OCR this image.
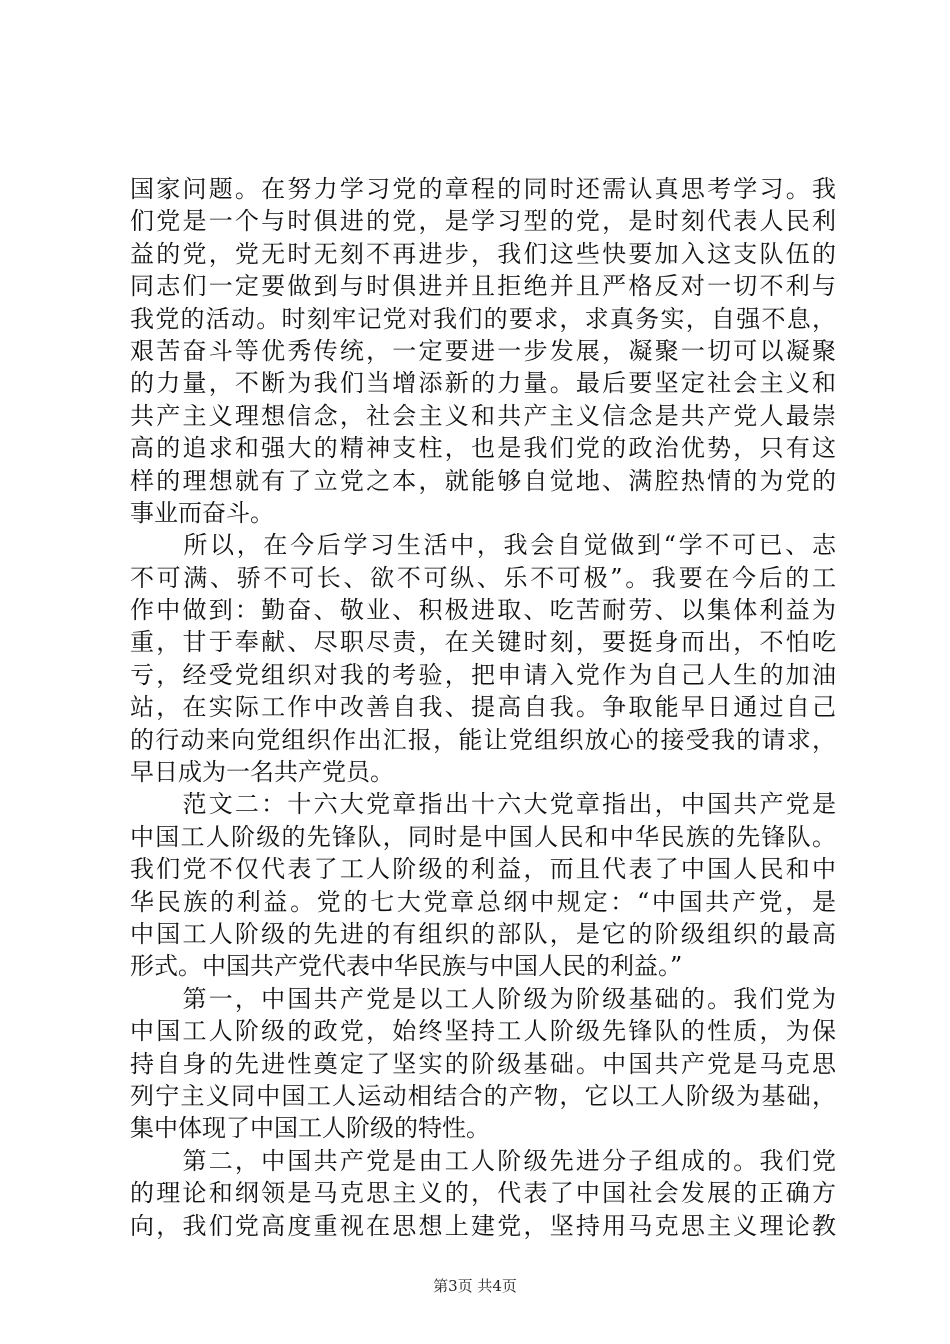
国家问题。在努力学习党的章程的同时还需认真思考学习。我
们党是一个与时俱进的党，是学习型的党，是时刻代表人民利
益的党，党无时无刻不再进步，我们这些快要加入这支队伍的
同志们一定要做到与时俱进并且拒绝并且严格反对一切不利与
我党的活动。时刻牢记党对我们的要求，求真务实，自强不息，
艰苦奋斗等优秀传统，一定要进一步发展，凝聚一切可以凝聚
的力量，不断为我们当增添新的力量。最后要坚定社会主义和
共产主义理想信念，社会主义和共产主义信念是共产党人最崇
高的追求和强大的精神支柱，也是我们党的政治优势，只有这
样的理想就有了立党之本，就能够自觉地、满腔热情的为党的
事业而奋斗。
　　所以，在今后学习生活中，我会自觉做到“学不可已、志
不可满、骄不可长、欲不可纵、乐不可极”。我要在今后的工
作中做到：勤奋、敬业、积极进取、吃苦耐劳、以集体利益为
重，甘于奉献、尽职尽责，在关键时刻，要挺身而出，不怕吃
亏，经受党组织对我的考验，把申请入党作为自己人生的加油
站，在实际工作中改善自我、提高自我。争取能早日通过自己
的行动来向党组织作出汇报，能让党组织放心的接受我的请求，
早日成为一名共产党员。
　　范文二：十六大党章指出十六大党章指出，中国共产党是
中国工人阶级的先锋队，同时是中国人民和中华民族的先锋队。
我们党不仅代表了工人阶级的利益，而且代表了中国人民和中
华民族的利益。党的七大党章总纲中规定：“中国共产党，是
中国工人阶级的先进的有组织的部队，是它的阶级组织的最高
形式。中国共产党代表中华民族与中国人民的利益。”
　　第一，中国共产党是以工人阶级为阶级基础的。我们党为
中国工人阶级的政党，始终坚持工人阶级先锋队的性质，为保
持自身的先进性奠定了坚实的阶级基础。中国共产党是马克思
列宁主义同中国工人运动相结合的产物，它以工人阶级为基础，
集中体现了中国工人阶级的特性。
　　第二，中国共产党是由工人阶级先进分子组成的。我们党
的理论和纲领是马克思主义的，代表了中国社会发展的正确方
向，我们党高度重视在思想上建党，坚持用马克思主义理论教
第3页 共4页
